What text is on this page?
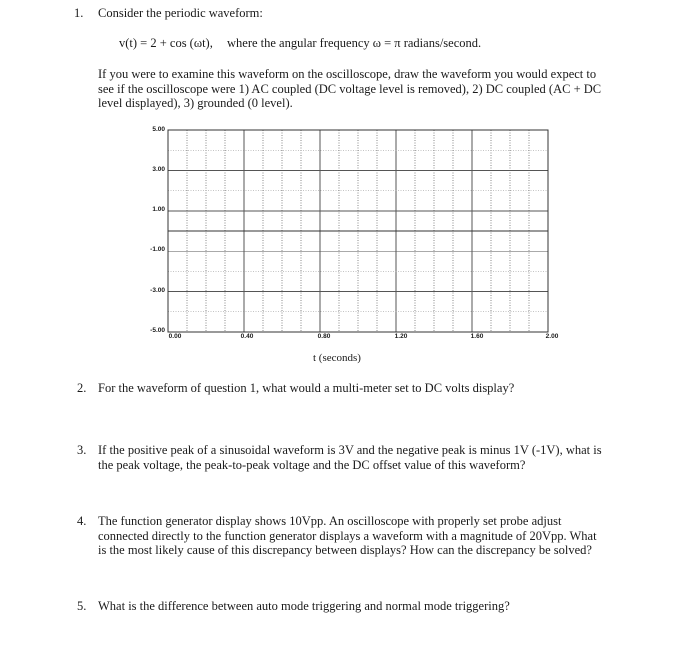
1. Consider the periodic waveform:
v(t) = 2 + cos (ωt), where the angular frequency ω = π radians/second.
If you were to examine this waveform on the oscilloscope, draw the waveform you would expect to see if the oscilloscope were 1) AC coupled (DC voltage level is removed), 2) DC coupled (AC + DC level displayed), 3) grounded (0 level).
5.00
3.00
1.00
-1.00
-3.00
-5.00
0.00	0.40	0.80	1.20	1.60	2.00
t (seconds)
2. For the waveform of question 1, what would a multi-meter set to DC volts display?
3. If the positive peak of a sinusoidal waveform is 3V and the negative peak is minus 1V (-1V), what is the peak voltage, the peak-to-peak voltage and the DC offset value of this waveform?
4. The function generator display shows 10Vpp. An oscilloscope with properly set probe adjust connected directly to the function generator displays a waveform with a magnitude of 20Vpp. What is the most likely cause of this discrepancy between displays? How can the discrepancy be solved?
5. What is the difference between auto mode triggering and normal mode triggering?
